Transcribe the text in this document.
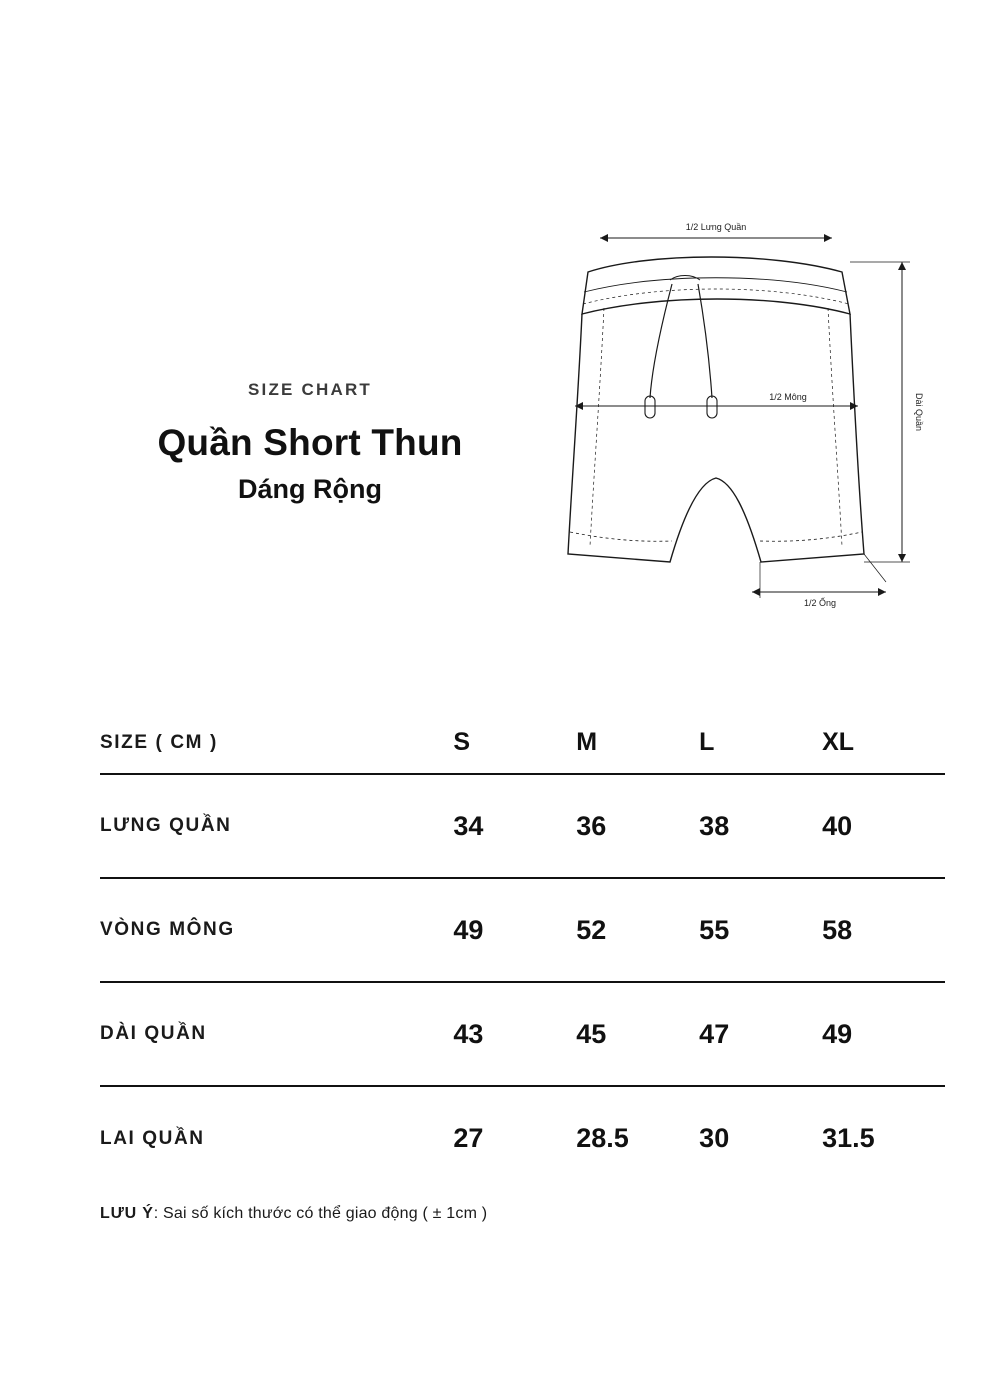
SIZE CHART

Quần Short Thun
Dáng Rộng
1/2 Lưng Quần
1/2 Mông	Dài Quần
1/2 Ống
SIZE ( CM )	S	M	L	XL
LƯNG QUẦN	34	36	38	40
VÒNG MÔNG	49	52	55	58
DÀI QUẦN	43	45	47	49
LAI QUẦN	27	28.5	30	31.5
LƯU Ý: Sai số kích thước có thể giao động ( ± 1cm )
